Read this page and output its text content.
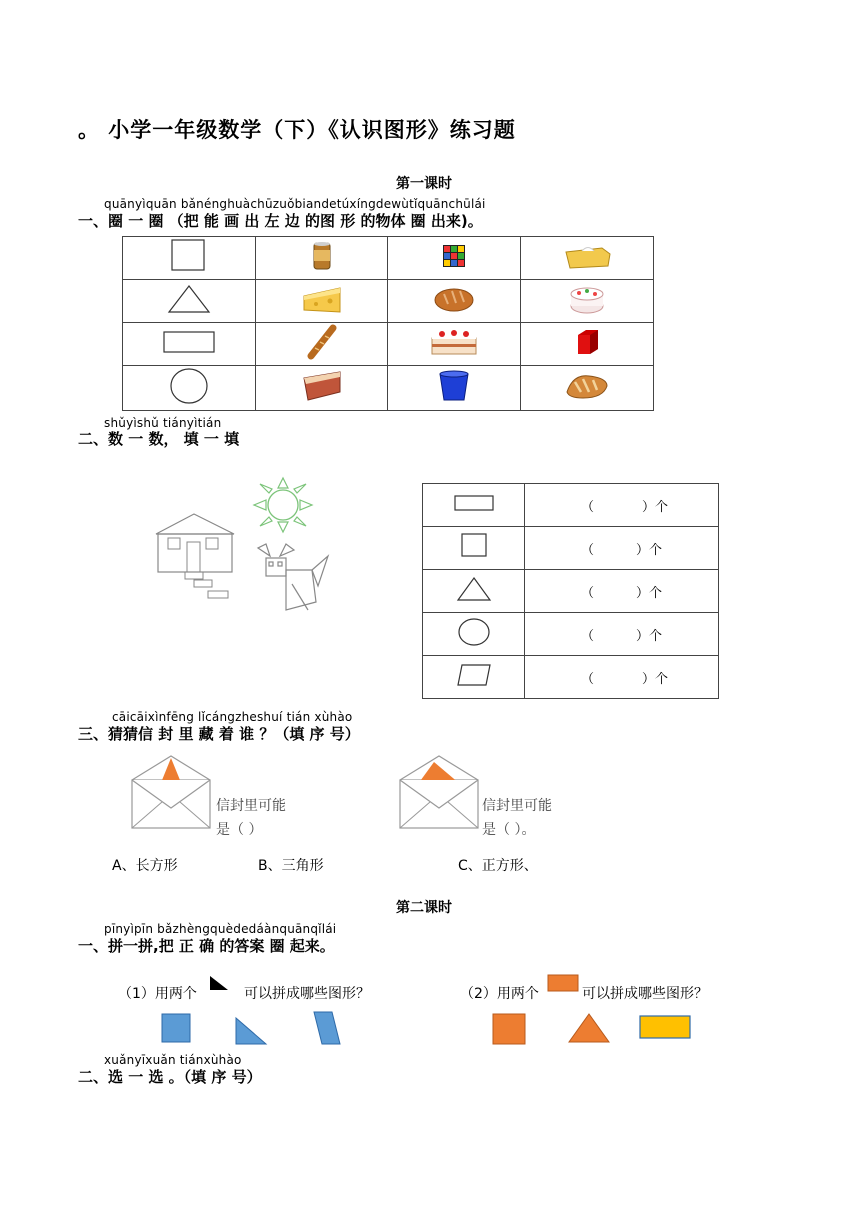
。 小学一年级数学（下）《认识图形》练习题
第一课时
quānyìquān bǎnénghuàchūzuǒbiandetúxíngdewùtǐquānchūlái
一、圈 一 圈 （把 能 画 出 左 边 的图 形 的物体 圈 出来)。

shǔyìshǔ tiányìtián
二、数 一 数， 填 一 填
	（ ）个
	（ ）个
	（ ）个
	（ ）个
	（ ）个
cāicāixìnfēng lǐcángzheshuí tián xùhào
三、猜猜信 封 里 藏 着 谁 ？（填 序 号）
信封里可能
是（ ）
信封里可能
是（ ）。
A、长方形	B、三角形	C、正方形、
第二课时
pīnyìpīn bǎzhèngquèdedáànquānqǐlái
一、拼一拼,把 正 确 的答案 圈 起来。
（1）用两个	可以拼成哪些图形？	（2）用两个	可以拼成哪些图形？
xuǎnyīxuǎn tiánxùhào
二、选 一 选 。（填 序 号）
